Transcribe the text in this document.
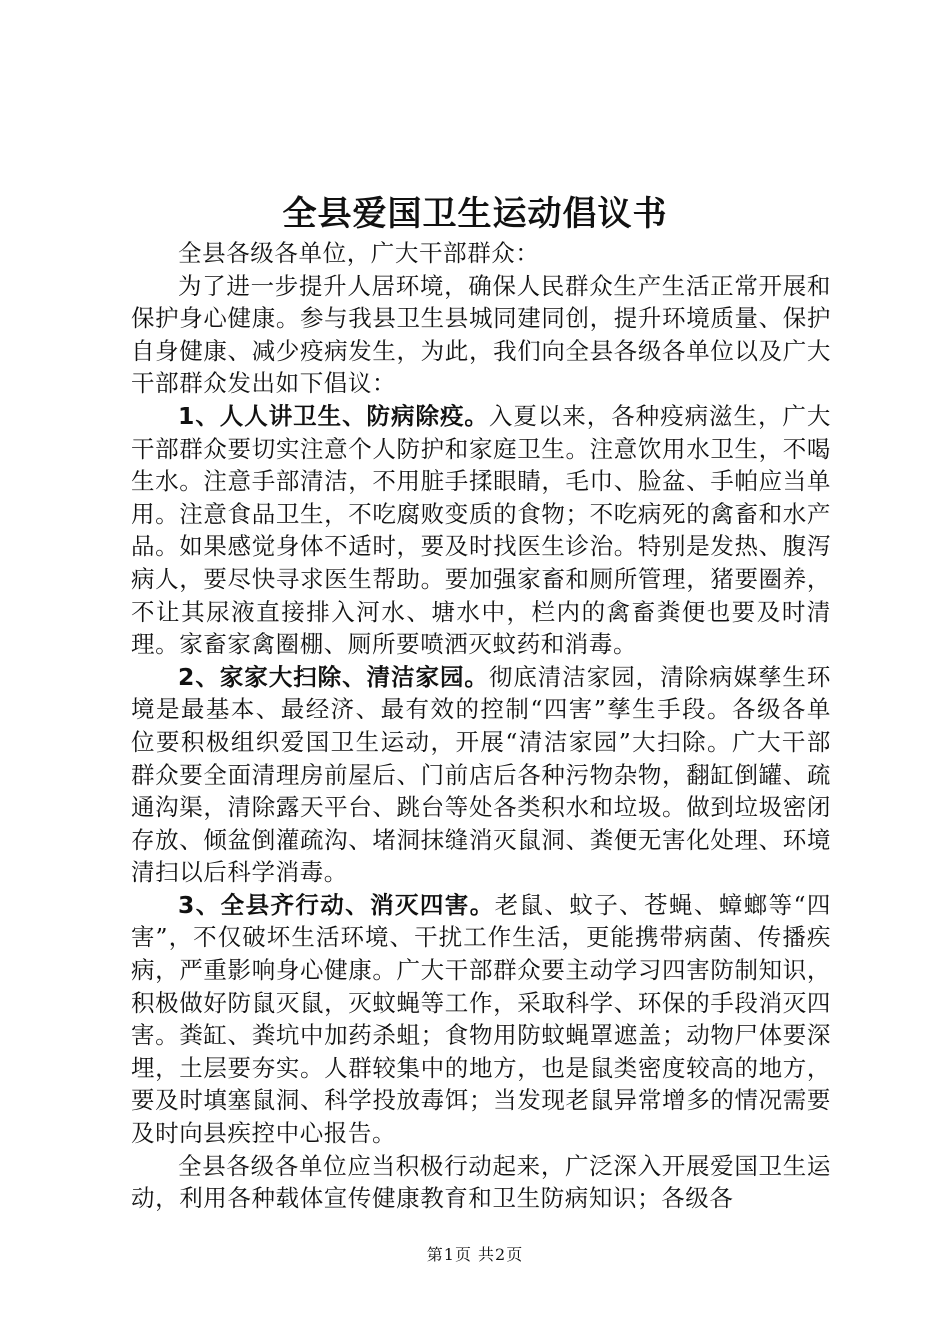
全县爱国卫生运动倡议书

全县各级各单位，广大干部群众：

为了进一步提升人居环境，确保人民群众生产生活正常开展和保护身心健康。参与我县卫生县城同建同创，提升环境质量、保护自身健康、减少疫病发生，为此，我们向全县各级各单位以及广大干部群众发出如下倡议：

1、人人讲卫生、防病除疫。入夏以来，各种疫病滋生，广大干部群众要切实注意个人防护和家庭卫生。注意饮用水卫生，不喝生水。注意手部清洁，不用脏手揉眼睛，毛巾、脸盆、手帕应当单用。注意食品卫生，不吃腐败变质的食物；不吃病死的禽畜和水产品。如果感觉身体不适时，要及时找医生诊治。特别是发热、腹泻病人，要尽快寻求医生帮助。要加强家畜和厕所管理，猪要圈养，不让其尿液直接排入河水、塘水中，栏内的禽畜粪便也要及时清理。家畜家禽圈棚、厕所要喷洒灭蚊药和消毒。

2、家家大扫除、清洁家园。彻底清洁家园，清除病媒孳生环境是最基本、最经济、最有效的控制“四害”孳生手段。各级各单位要积极组织爱国卫生运动，开展“清洁家园”大扫除。广大干部群众要全面清理房前屋后、门前店后各种污物杂物，翻缸倒罐、疏通沟渠，清除露天平台、跳台等处各类积水和垃圾。做到垃圾密闭存放、倾盆倒灌疏沟、堵洞抹缝消灭鼠洞、粪便无害化处理、环境清扫以后科学消毒。

3、全县齐行动、消灭四害。老鼠、蚊子、苍蝇、蟑螂等“四害”，不仅破坏生活环境、干扰工作生活，更能携带病菌、传播疾病，严重影响身心健康。广大干部群众要主动学习四害防制知识，积极做好防鼠灭鼠，灭蚊蝇等工作，采取科学、环保的手段消灭四害。粪缸、粪坑中加药杀蛆；食物用防蚊蝇罩遮盖；动物尸体要深埋，土层要夯实。人群较集中的地方，也是鼠类密度较高的地方，要及时填塞鼠洞、科学投放毒饵；当发现老鼠异常增多的情况需要及时向县疾控中心报告。

全县各级各单位应当积极行动起来，广泛深入开展爱国卫生运动，利用各种载体宣传健康教育和卫生防病知识；各级各

第1页 共2页
